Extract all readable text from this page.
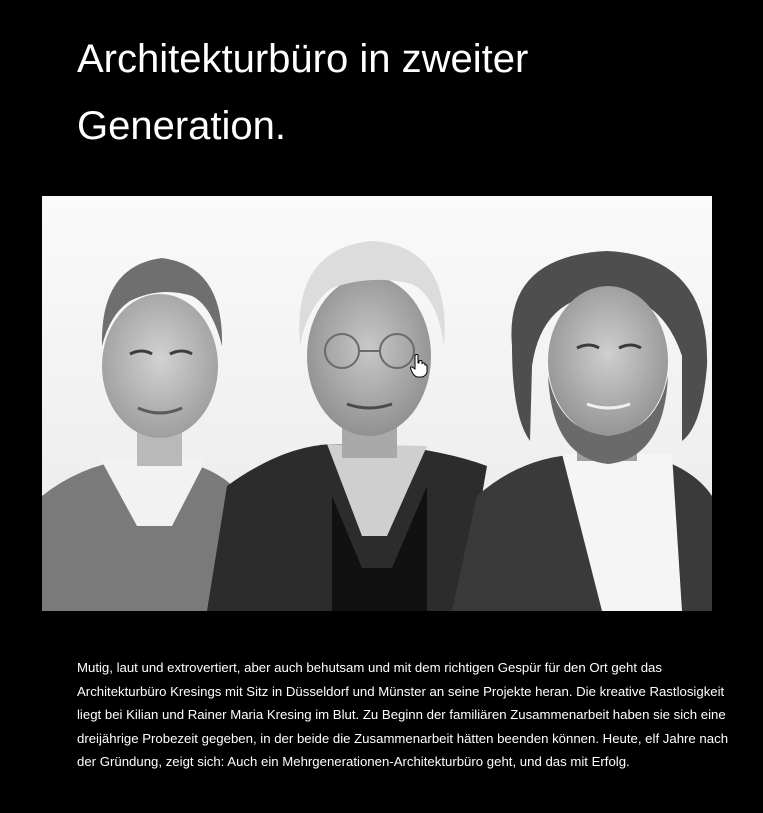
Architekturbüro in zweiter Generation.

Mutig, laut und extrovertiert, aber auch behutsam und mit dem richtigen Gespür für den Ort geht das Architekturbüro Kresings mit Sitz in Düsseldorf und Münster an seine Projekte heran. Die kreative Rastlosigkeit liegt bei Kilian und Rainer Maria Kresing im Blut. Zu Beginn der familiären Zusammenarbeit haben sie sich eine dreijährige Probezeit gegeben, in der beide die Zusammenarbeit hätten beenden können. Heute, elf Jahre nach der Gründung, zeigt sich: Auch ein Mehrgenerationen-Architekturbüro geht, und das mit Erfolg.
